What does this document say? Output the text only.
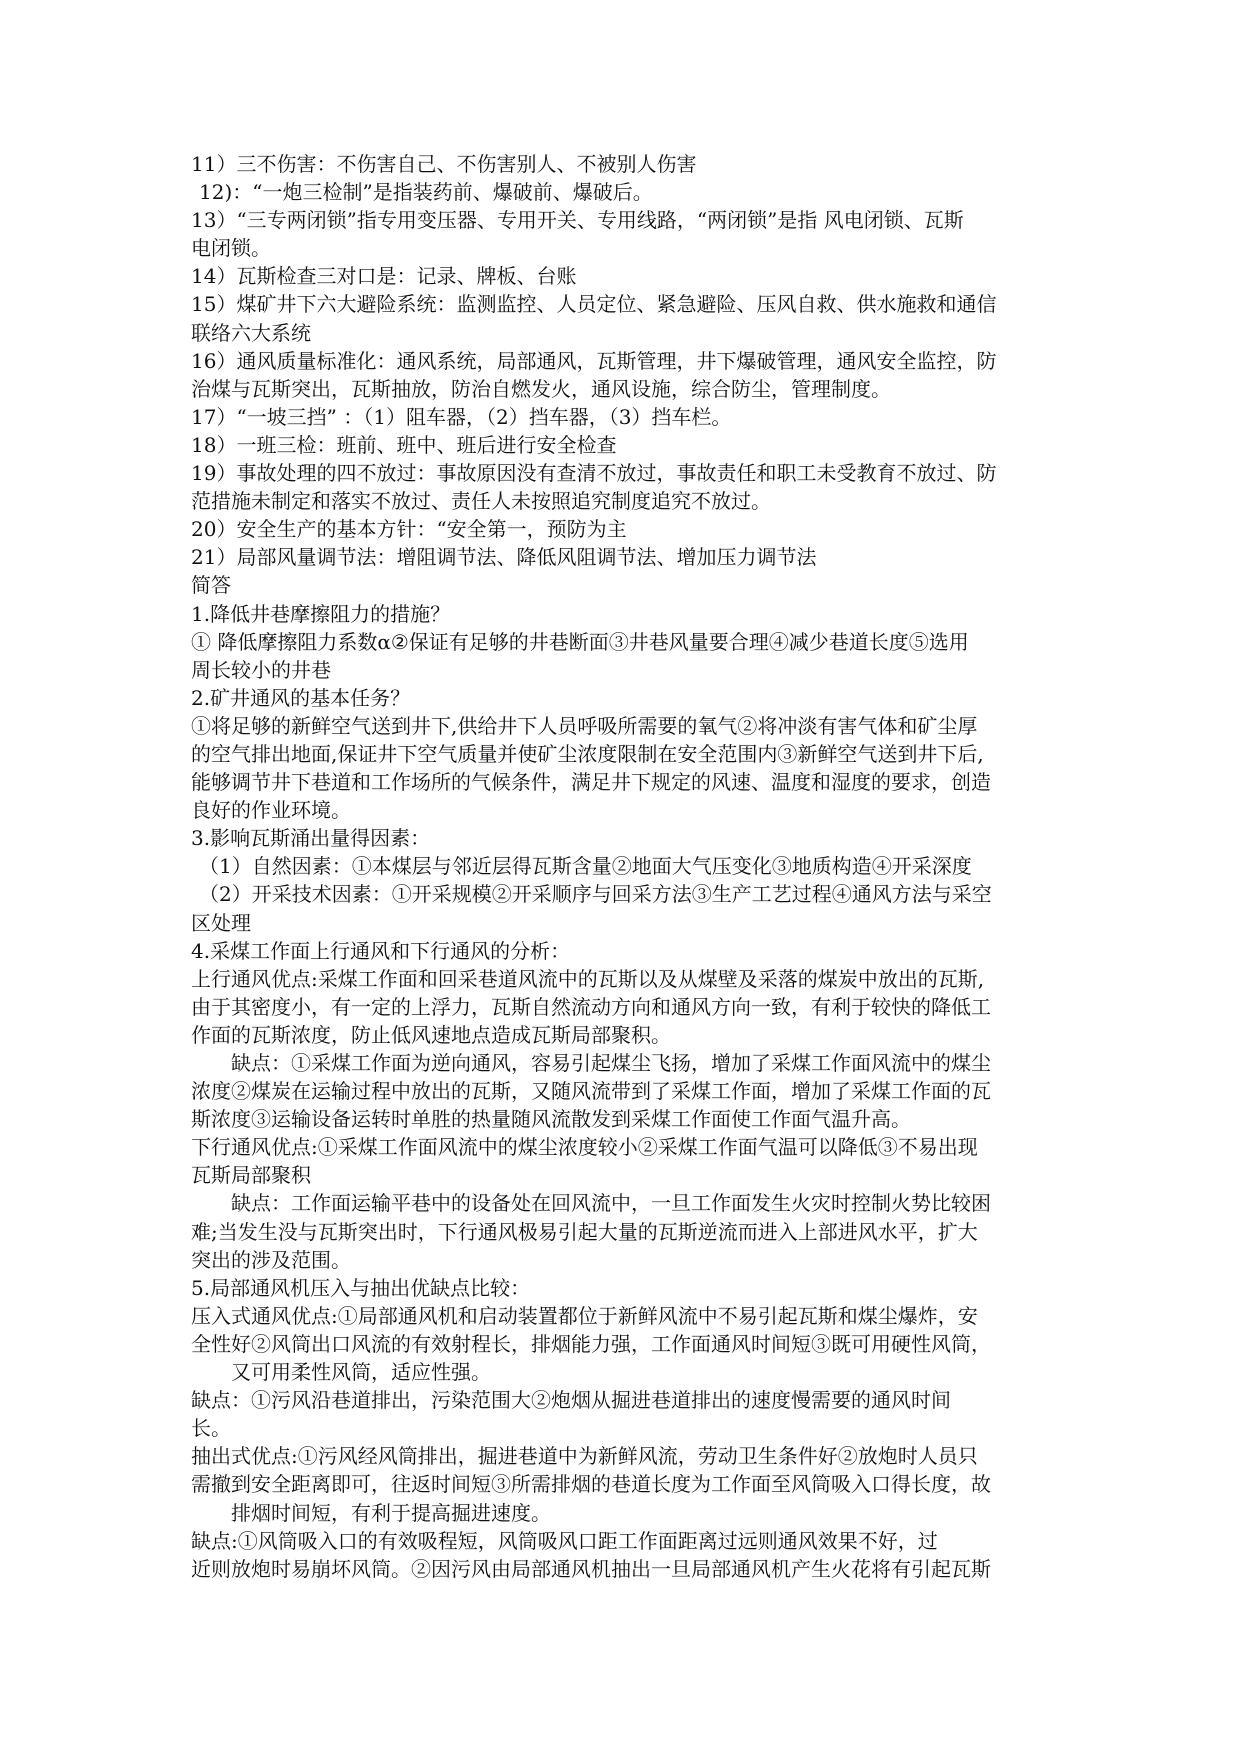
11）三不伤害：不伤害自己、不伤害别人、不被别人伤害
12)：“一炮三检制”是指装药前、爆破前、爆破后。
13）“三专两闭锁”指专用变压器、专用开关、专用线路，“两闭锁”是指 风电闭锁、瓦斯
电闭锁。
14）瓦斯检查三对口是：记录、牌板、台账
15）煤矿井下六大避险系统：监测监控、人员定位、紧急避险、压风自救、供水施救和通信
联络六大系统
16）通风质量标准化：通风系统，局部通风，瓦斯管理，井下爆破管理，通风安全监控，防
治煤与瓦斯突出，瓦斯抽放，防治自燃发火，通风设施，综合防尘，管理制度。
17）“一坡三挡” ：（1）阻车器，（2）挡车器，（3）挡车栏。
18）一班三检：班前、班中、班后进行安全检查
19）事故处理的四不放过：事故原因没有查清不放过，事故责任和职工未受教育不放过、防
范措施未制定和落实不放过、责任人未按照追究制度追究不放过。
20）安全生产的基本方针：“安全第一，预防为主
21）局部风量调节法：增阻调节法、降低风阻调节法、增加压力调节法
简答
1.降低井巷摩擦阻力的措施？
① 降低摩擦阻力系数α②保证有足够的井巷断面③井巷风量要合理④减少巷道长度⑤选用
周长较小的井巷
2.矿井通风的基本任务？
①将足够的新鲜空气送到井下,供给井下人员呼吸所需要的氧气②将冲淡有害气体和矿尘厚
的空气排出地面,保证井下空气质量并使矿尘浓度限制在安全范围内③新鲜空气送到井下后,
能够调节井下巷道和工作场所的气候条件，满足井下规定的风速、温度和湿度的要求，创造
良好的作业环境。
3.影响瓦斯涌出量得因素：
（1）自然因素：①本煤层与邻近层得瓦斯含量②地面大气压变化③地质构造④开采深度
（2）开采技术因素：①开采规模②开采顺序与回采方法③生产工艺过程④通风方法与采空
区处理
4.采煤工作面上行通风和下行通风的分析：
上行通风优点:采煤工作面和回采巷道风流中的瓦斯以及从煤壁及采落的煤炭中放出的瓦斯,
由于其密度小，有一定的上浮力，瓦斯自然流动方向和通风方向一致，有利于较快的降低工
作面的瓦斯浓度，防止低风速地点造成瓦斯局部聚积。
缺点：①采煤工作面为逆向通风，容易引起煤尘飞扬，增加了采煤工作面风流中的煤尘
浓度②煤炭在运输过程中放出的瓦斯，又随风流带到了采煤工作面，增加了采煤工作面的瓦
斯浓度③运输设备运转时单胜的热量随风流散发到采煤工作面使工作面气温升高。
下行通风优点:①采煤工作面风流中的煤尘浓度较小②采煤工作面气温可以降低③不易出现
瓦斯局部聚积
缺点：工作面运输平巷中的设备处在回风流中，一旦工作面发生火灾时控制火势比较困
难;当发生没与瓦斯突出时，下行通风极易引起大量的瓦斯逆流而进入上部进风水平，扩大
突出的涉及范围。
5.局部通风机压入与抽出优缺点比较：
压入式通风优点:①局部通风机和启动装置都位于新鲜风流中不易引起瓦斯和煤尘爆炸，安
全性好②风筒出口风流的有效射程长，排烟能力强，工作面通风时间短③既可用硬性风筒，
又可用柔性风筒，适应性强。
缺点：①污风沿巷道排出，污染范围大②炮烟从掘进巷道排出的速度慢需要的通风时间
长。
抽出式优点:①污风经风筒排出，掘进巷道中为新鲜风流，劳动卫生条件好②放炮时人员只
需撤到安全距离即可，往返时间短③所需排烟的巷道长度为工作面至风筒吸入口得长度，故
排烟时间短，有利于提高掘进速度。
缺点:①风筒吸入口的有效吸程短，风筒吸风口距工作面距离过远则通风效果不好，过
近则放炮时易崩坏风筒。②因污风由局部通风机抽出一旦局部通风机产生火花将有引起瓦斯
